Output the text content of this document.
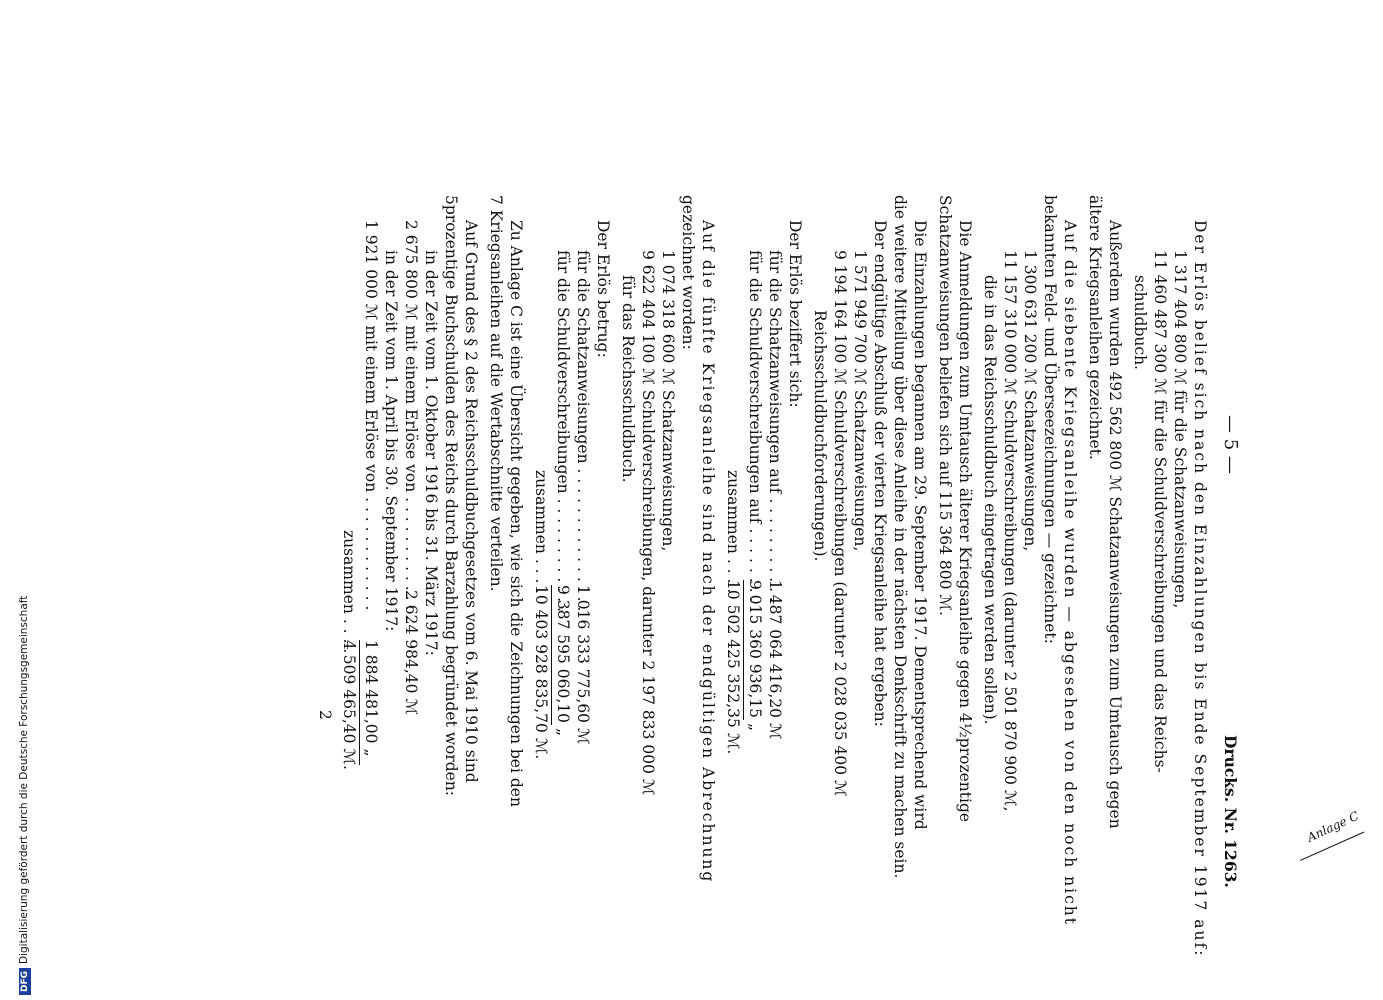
— 5 —
Drucks. Nr. 1263.
Der Erlös belief sich nach den Einzahlungen bis Ende September 1917 auf:
1 317 404 800 ℳ für die Schatzanweisungen,
11 460 487 300 ℳ für die Schuldverschreibungen und das Reichs-
schuldbuch.
Außerdem wurden 492 562 800 ℳ Schatzanweisungen zum Umtausch gegen
ältere Kriegsanleihen gezeichnet.
Auf die siebente Kriegsanleihe wurden — abgesehen von den noch nicht
bekannten Feld- und Überseezeichnungen — gezeichnet:
1 300 631 200 ℳ Schatzanweisungen,
11 157 310 000 ℳ Schuldverschreibungen (darunter 2 501 870 900 ℳ,
die in das Reichsschuldbuch eingetragen werden sollen).
Die Anmeldungen zum Umtausch älterer Kriegsanleihe gegen 4½prozentige
Schatzanweisungen beliefen sich auf 115 364 800 ℳ.
Die Einzahlungen begannen am 29. September 1917. Dementsprechend wird
die weitere Mitteilung über diese Anleihe in der nächsten Denkschrift zu machen sein.
Der endgültige Abschluß der vierten Kriegsanleihe hat ergeben:
1 571 949 700 ℳ Schatzanweisungen,
9 194 164 100 ℳ Schuldverschreibungen (darunter 2 028 035 400 ℳ
Reichsschuldbuchforderungen).
Der Erlös beziffert sich:
für die Schatzanweisungen auf . . . . . . . . . . .
1 487 064 416,20 ℳ
für die Schuldverschreibungen auf . . . . . . . . .
9 015 360 936,15 „
zusammen . . . .
10 502 425 352,35 ℳ.
Auf die fünfte Kriegsanleihe sind nach der endgültigen Abrechnung
gezeichnet worden:
1 074 318 600 ℳ Schatzanweisungen,
9 622 404 100 ℳ Schuldverschreibungen, darunter 2 197 833 000 ℳ
für das Reichsschuldbuch.
Der Erlös betrug:
für die Schatzanweisungen . . . . . . . . . . . . . . .
1 016 333 775,60 ℳ
für die Schuldverschreibungen . . . . . . . . . . . .
9 387 595 060,10 „
zusammen . . . .
10 403 928 835,70 ℳ.
Zu Anlage C ist eine Übersicht gegeben, wie sich die Zeichnungen bei den
7 Kriegsanleihen auf die Wertabschnitte verteilen.
Auf Grund des § 2 des Reichsschuldbuchgesetzes vom 6. Mai 1910 sind
5prozentige Buchschulden des Reichs durch Barzahlung begründet worden:
in der Zeit vom 1. Oktober 1916 bis 31. März 1917:
2 675 800 ℳ mit einem Erlöse von . . . . . . . . . . . . .
2 624 984,40 ℳ
in der Zeit vom 1. April bis 30. September 1917:
1 921 000 ℳ mit einem Erlöse von . . . . . . . . . . . .
1 884 481,00 „
zusammen . . . .
4 509 465,40 ℳ.
2
Anlage C
DFGDigitalisierung gefördert durch die Deutsche Forschungsgemeinschaft
